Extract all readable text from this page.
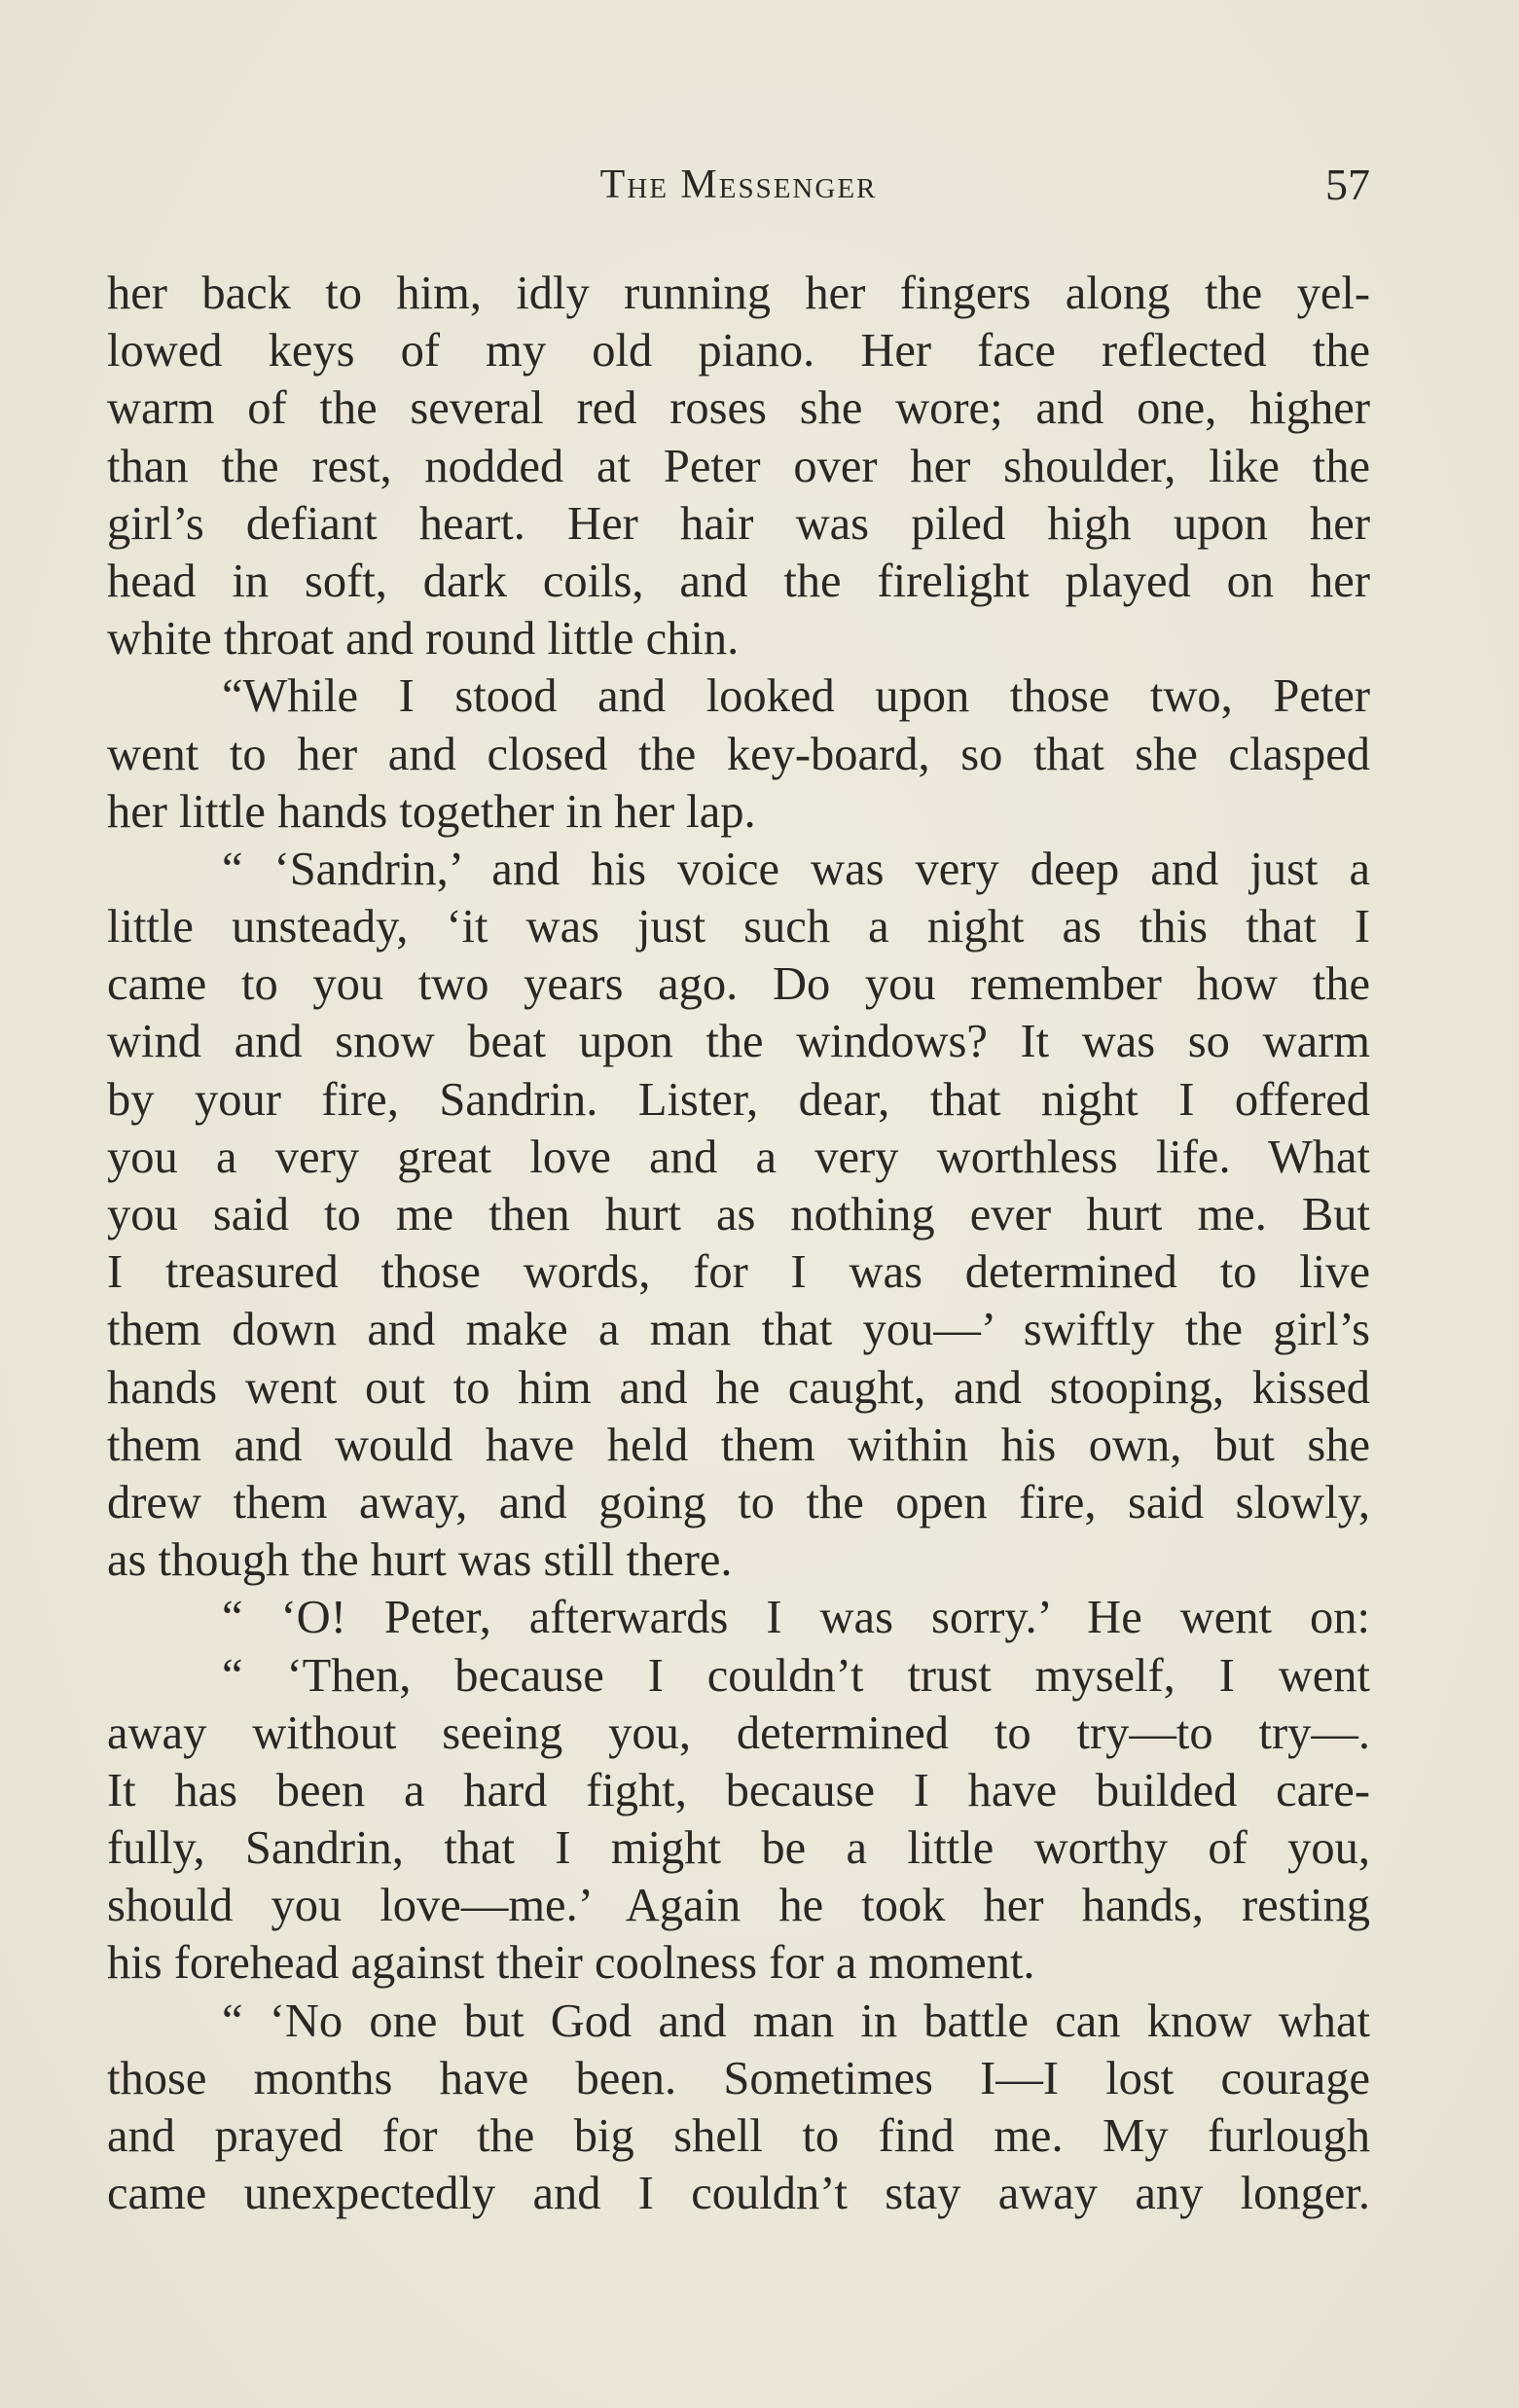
The Messenger	57
her back to him, idly running her fingers along the yel-
lowed keys of my old piano. Her face reflected the
warm of the several red roses she wore; and one, higher
than the rest, nodded at Peter over her shoulder, like the
girl’s defiant heart. Her hair was piled high upon her
head in soft, dark coils, and the firelight played on her
white throat and round little chin.
“While I stood and looked upon those two, Peter
went to her and closed the key-board, so that she clasped
her little hands together in her lap.
“ ‘Sandrin,’ and his voice was very deep and just a
little unsteady, ‘it was just such a night as this that I
came to you two years ago. Do you remember how the
wind and snow beat upon the windows? It was so warm
by your fire, Sandrin. Lister, dear, that night I offered
you a very great love and a very worthless life. What
you said to me then hurt as nothing ever hurt me. But
I treasured those words, for I was determined to live
them down and make a man that you—’ swiftly the girl’s
hands went out to him and he caught, and stooping, kissed
them and would have held them within his own, but she
drew them away, and going to the open fire, said slowly,
as though the hurt was still there.
“ ‘O! Peter, afterwards I was sorry.’ He went on:
“ ‘Then, because I couldn’t trust myself, I went
away without seeing you, determined to try—to try—.
It has been a hard fight, because I have builded care-
fully, Sandrin, that I might be a little worthy of you,
should you love—me.’ Again he took her hands, resting
his forehead against their coolness for a moment.
“ ‘No one but God and man in battle can know what
those months have been. Sometimes I—I lost courage
and prayed for the big shell to find me. My furlough
came unexpectedly and I couldn’t stay away any longer.
